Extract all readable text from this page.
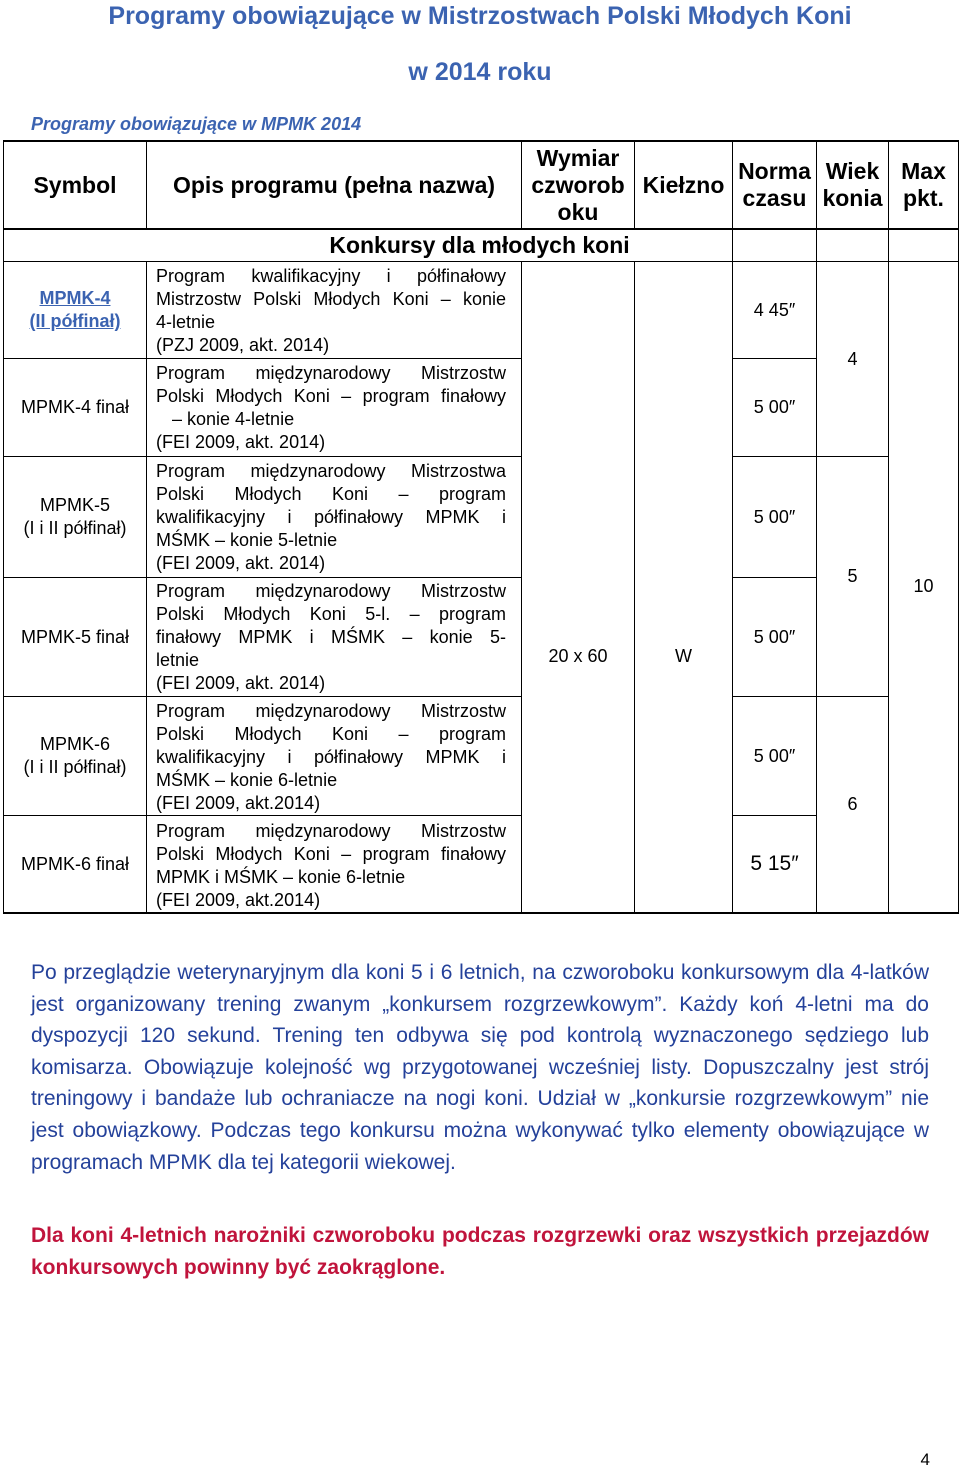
Programy obowiązujące w Mistrzostwach Polski Młodych Koni
w 2014 roku
Programy obowiązujące w MPMK 2014
Symbol Opis programu (pełna nazwa)
Wymiar
czworob
oku
Kiełzno
Norma
czasu
Wiek
konia
Max
pkt.
Konkursy dla młodych koni
MPMK-4
(II półfinał)
MPMK-4 finał
MPMK-5
(I i II półfinał)
MPMK-5 finał
MPMK-6
(I i II półfinał)
MPMK-6 finał
Program kwalifikacyjny i półfinałowy
Mistrzostw Polski Młodych Koni – konie
4-letnie
(PZJ 2009, akt. 2014)
Program międzynarodowy Mistrzostw
Polski Młodych Koni – program finałowy
– konie 4-letnie
(FEI 2009, akt. 2014)
Program międzynarodowy Mistrzostwa
Polski Młodych Koni – program
kwalifikacyjny i półfinałowy MPMK i
MŚMK – konie 5-letnie
(FEI 2009, akt. 2014)
Program międzynarodowy Mistrzostw
Polski Młodych Koni 5-l. – program
finałowy MPMK i MŚMK – konie 5-
letnie
(FEI 2009, akt. 2014)
Program międzynarodowy Mistrzostw
Polski Młodych Koni – program
kwalifikacyjny i półfinałowy MPMK i
MŚMK – konie 6-letnie
(FEI 2009, akt.2014)
Program międzynarodowy Mistrzostw
Polski Młodych Koni – program finałowy
MPMK i MŚMK – konie 6-letnie
(FEI 2009, akt.2014)
20 x 60	W
4 45″
5 00″
5 00″
5 00″
5 00″
5 15″
4
5
6
10
Po przeglądzie weterynaryjnym dla koni 5 i 6 letnich, na czworoboku konkursowym dla 4-latków jest organizowany trening zwanym „konkursem rozgrzewkowym”. Każdy koń 4-letni ma do dyspozycji 120 sekund. Trening ten odbywa się pod kontrolą wyznaczonego sędziego lub komisarza. Obowiązuje kolejność wg przygotowanej wcześniej listy. Dopuszczalny jest strój treningowy i bandaże lub ochraniacze na nogi koni. Udział w „konkursie rozgrzewkowym” nie jest obowiązkowy. Podczas tego konkursu można wykonywać tylko elementy obowiązujące w programach MPMK dla tej kategorii wiekowej.
Dla koni 4-letnich narożniki czworoboku podczas rozgrzewki oraz wszystkich przejazdów konkursowych powinny być zaokrąglone.
4
